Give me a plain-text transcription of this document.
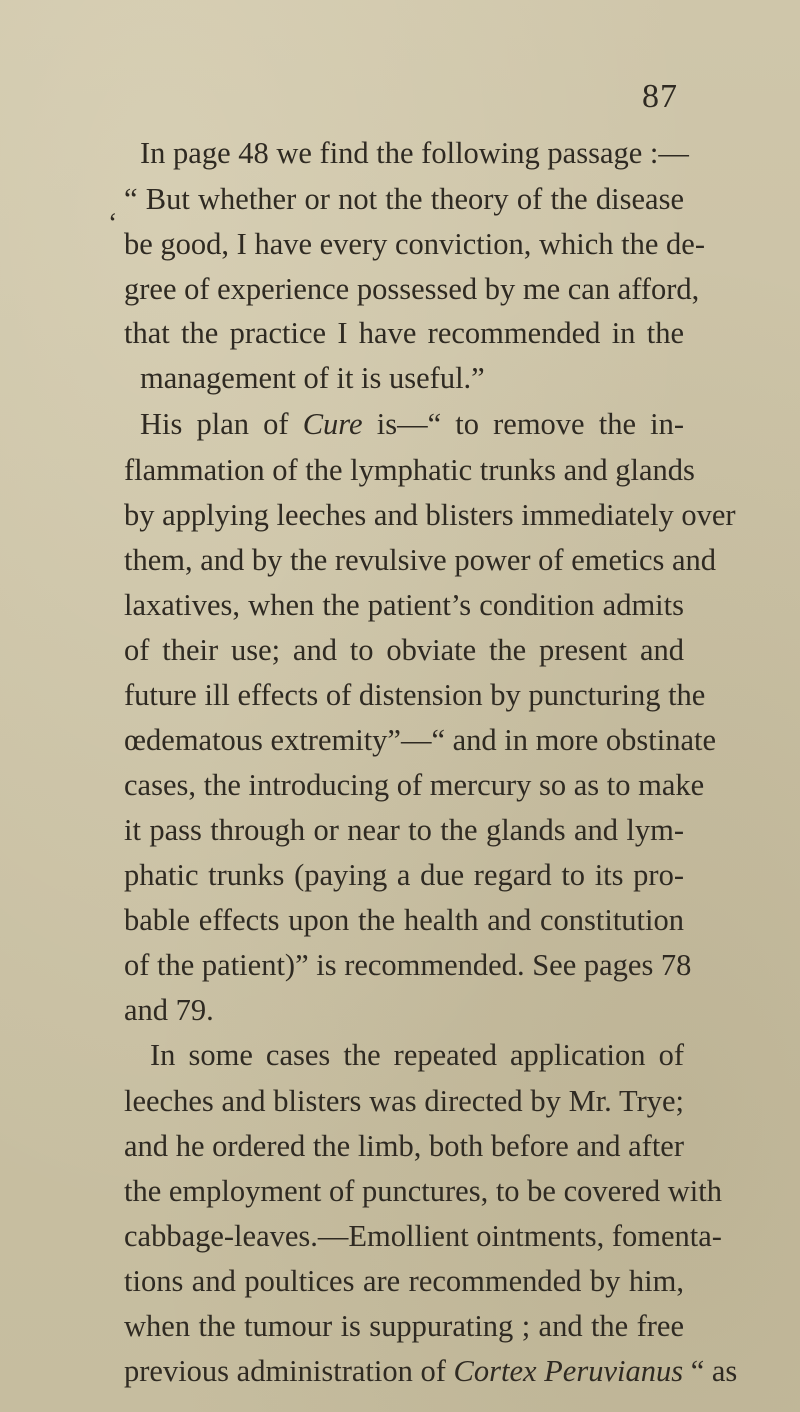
87
‘
In page 48 we find the following passage :—
“ But whether or not the theory of the disease
be good, I have every conviction, which the de-
gree of experience possessed by me can afford,
that the practice I have recommended in the
management of it is useful.”
His plan of Cure is—“ to remove the in-
flammation of the lymphatic trunks and glands
by applying leeches and blisters immediately over
them, and by the revulsive power of emetics and
laxatives, when the patient’s condition admits
of their use; and to obviate the present and
future ill effects of distension by puncturing the
œdematous extremity”—“ and in more obstinate
cases, the introducing of mercury so as to make
it pass through or near to the glands and lym-
phatic trunks (paying a due regard to its pro-
bable effects upon the health and constitution
of the patient)” is recommended. See pages 78
and 79.
In some cases the repeated application of
leeches and blisters was directed by Mr. Trye;
and he ordered the limb, both before and after
the employment of punctures, to be covered with
cabbage-leaves.—Emollient ointments, fomenta-
tions and poultices are recommended by him,
when the tumour is suppurating ; and the free
previous administration of Cortex Peruvianus “ as
